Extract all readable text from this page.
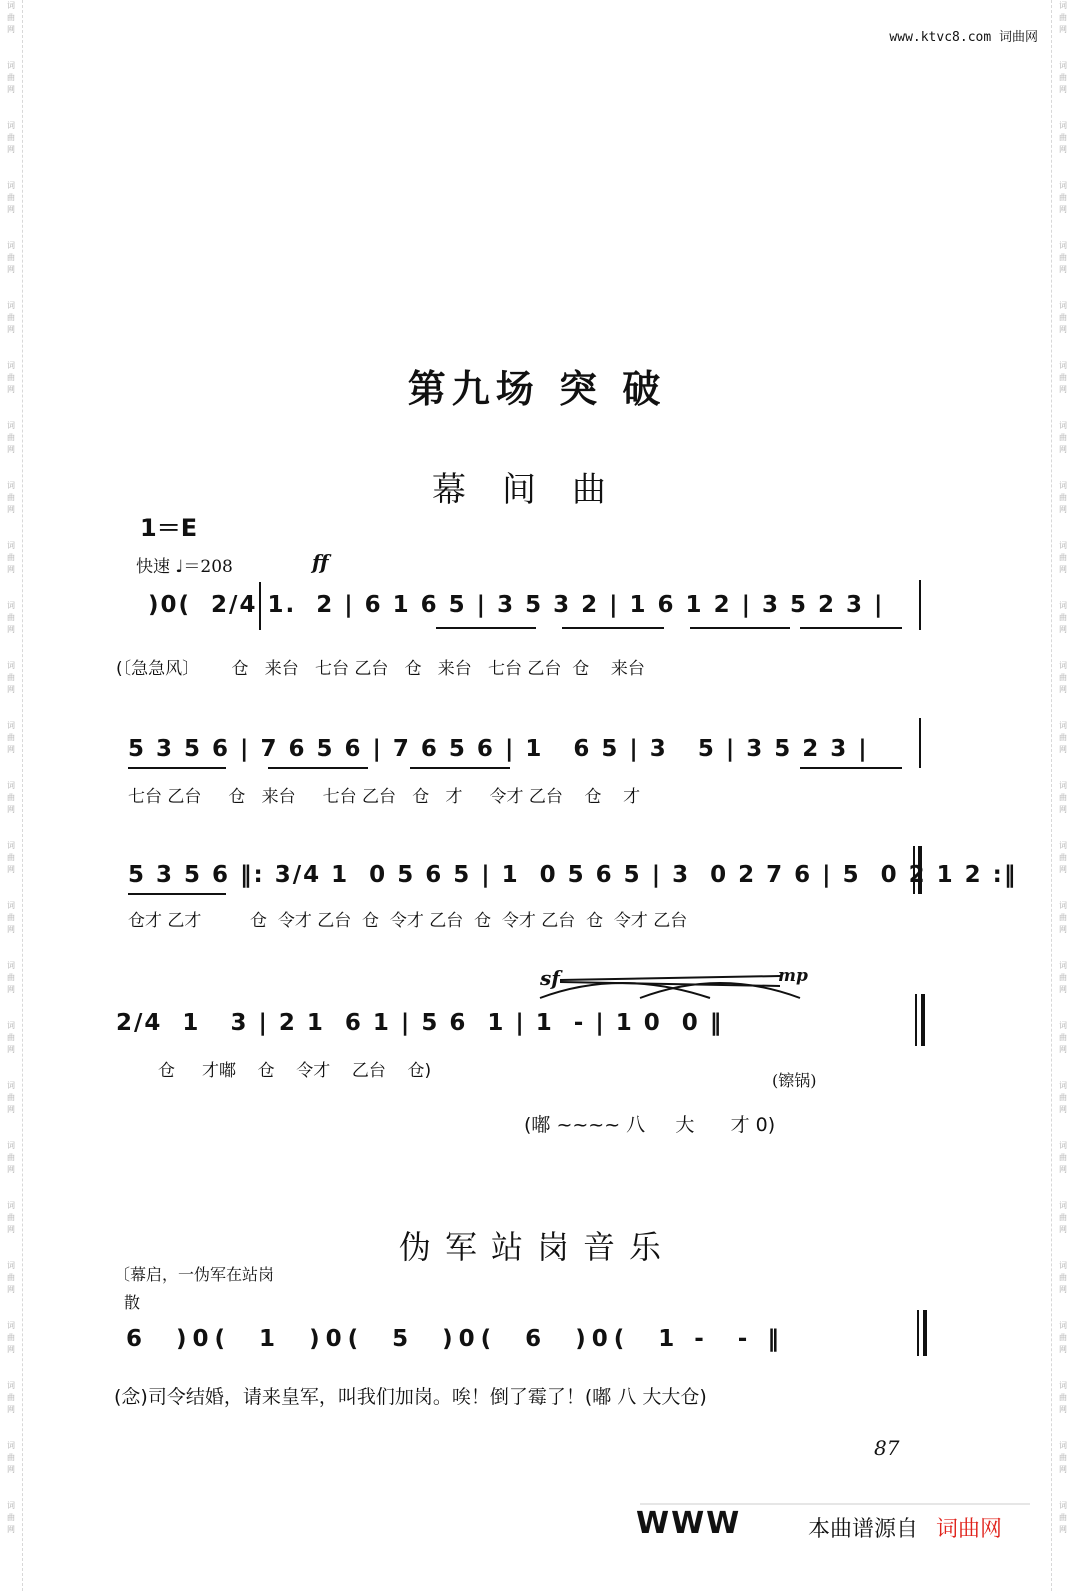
词曲网
词曲网
词曲网
词曲网
词曲网
词曲网
词曲网
词曲网
词曲网
词曲网
词曲网
词曲网
词曲网
词曲网
词曲网
词曲网
词曲网
词曲网
词曲网
词曲网
词曲网
词曲网
词曲网
词曲网
词曲网
词曲网
词曲网
词曲网
词曲网
词曲网
词曲网
词曲网
词曲网
词曲网
词曲网
词曲网
词曲网
词曲网
词曲网
词曲网
词曲网
词曲网
词曲网
词曲网
词曲网
词曲网
词曲网
词曲网
词曲网
词曲网
词曲网
词曲网
www.ktvc8.com 词曲网
第九场 突 破
幕间曲
1＝E
快速 ♩＝208	ff
)0(  2/4 1.  2 | 6 1 6 5 | 3 5 3 2 | 1 6 1 2 | 3 5 2 3 |
(〔急急风〕      仓   来台   七台 乙台   仓   来台   七台 乙台  仓    来台
5 3 5 6 | 7 6 5 6 | 7 6 5 6 | 1   6 5 | 3   5 | 3 5 2 3 |
七台 乙台     仓   来台     七台 乙台   仓   才     令才 乙台    仓    才
5 3 5 6 ‖: 3/4 1  0 5 6 5 | 1  0 5 6 5 | 3  0 2 7 6 | 5  0 2 1 2 :‖
仓才 乙才         仓  令才 乙台  仓  令才 乙台  仓  令才 乙台  仓  令才 乙台
sf	mp
2/4  1   3 | 2 1  6 1 | 5 6  1 | 1  - | 1 0  0 ‖
仓     才嘟    仓    令才    乙台    仓)	(镲锅)
(嘟 ~~~~ 八     大      才 0)
伪军站岗音乐
〔幕启，一伪军在站岗
散
6  )0(  1  )0(  5  )0(  6  )0(  1 -  - ‖
(念)司令结婚，请来皇军，叫我们加岗。唉！倒了霉了！(嘟 八 大大仓)
87
WWW	本曲谱源自 词曲网
